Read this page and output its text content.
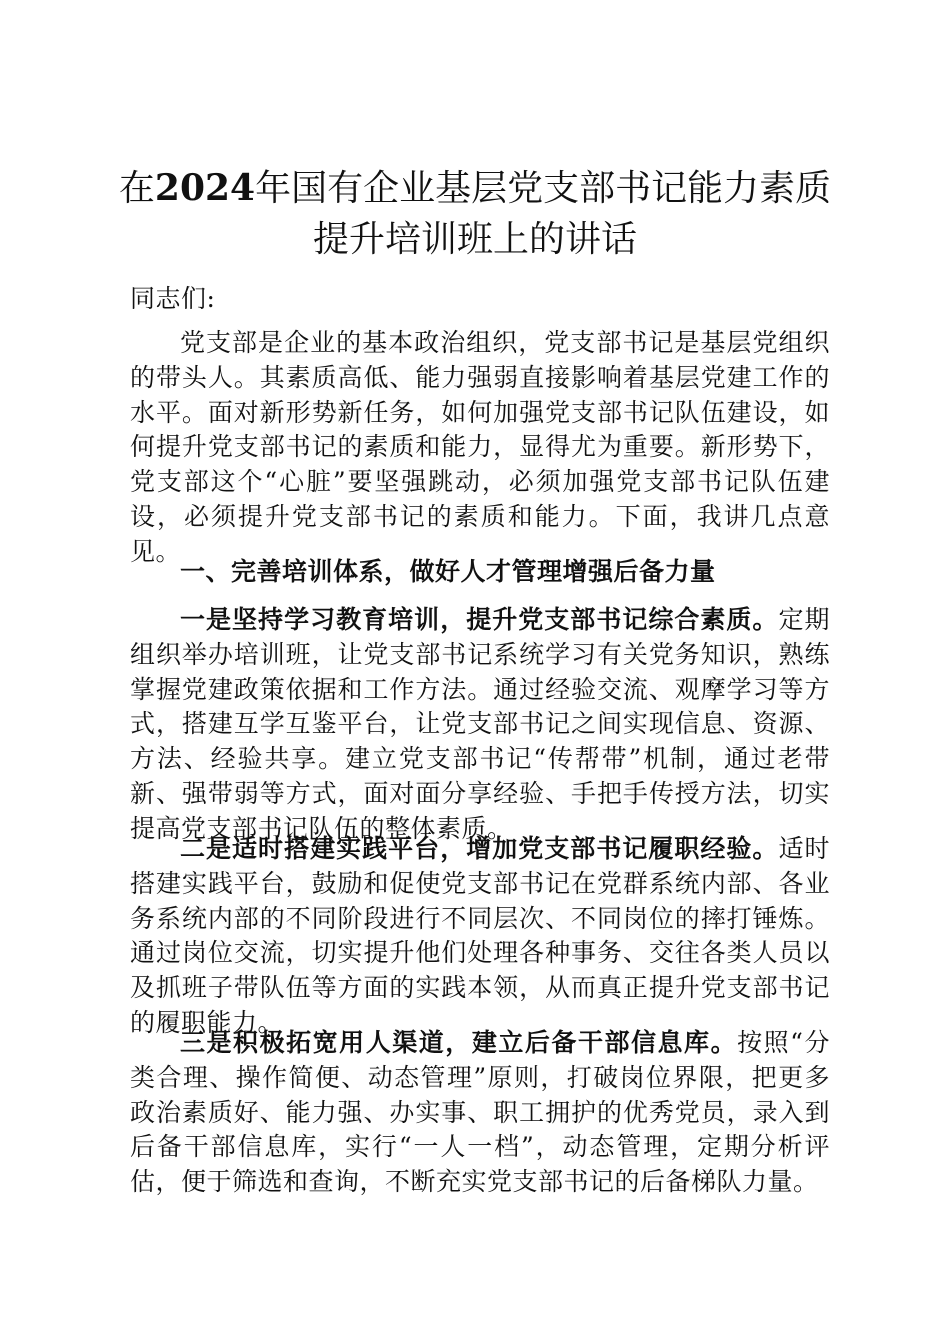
在2024年国有企业基层党支部书记能力素质
提升培训班上的讲话

同志们:

党支部是企业的基本政治组织，党支部书记是基层党组织的带头人。其素质高低、能力强弱直接影响着基层党建工作的水平。面对新形势新任务，如何加强党支部书记队伍建设，如何提升党支部书记的素质和能力，显得尤为重要。新形势下，党支部这个“心脏”要坚强跳动，必须加强党支部书记队伍建设，必须提升党支部书记的素质和能力。下面，我讲几点意见。

一、完善培训体系，做好人才管理增强后备力量

一是坚持学习教育培训，提升党支部书记综合素质。定期组织举办培训班，让党支部书记系统学习有关党务知识，熟练掌握党建政策依据和工作方法。通过经验交流、观摩学习等方式，搭建互学互鉴平台，让党支部书记之间实现信息、资源、方法、经验共享。建立党支部书记“传帮带”机制，通过老带新、强带弱等方式，面对面分享经验、手把手传授方法，切实提高党支部书记队伍的整体素质。

二是适时搭建实践平台，增加党支部书记履职经验。适时搭建实践平台，鼓励和促使党支部书记在党群系统内部、各业务系统内部的不同阶段进行不同层次、不同岗位的摔打锤炼。通过岗位交流，切实提升他们处理各种事务、交往各类人员以及抓班子带队伍等方面的实践本领，从而真正提升党支部书记的履职能力。

三是积极拓宽用人渠道，建立后备干部信息库。按照“分类合理、操作简便、动态管理”原则，打破岗位界限，把更多政治素质好、能力强、办实事、职工拥护的优秀党员，录入到后备干部信息库，实行“一人一档”，动态管理，定期分析评估，便于筛选和查询，不断充实党支部书记的后备梯队力量。
